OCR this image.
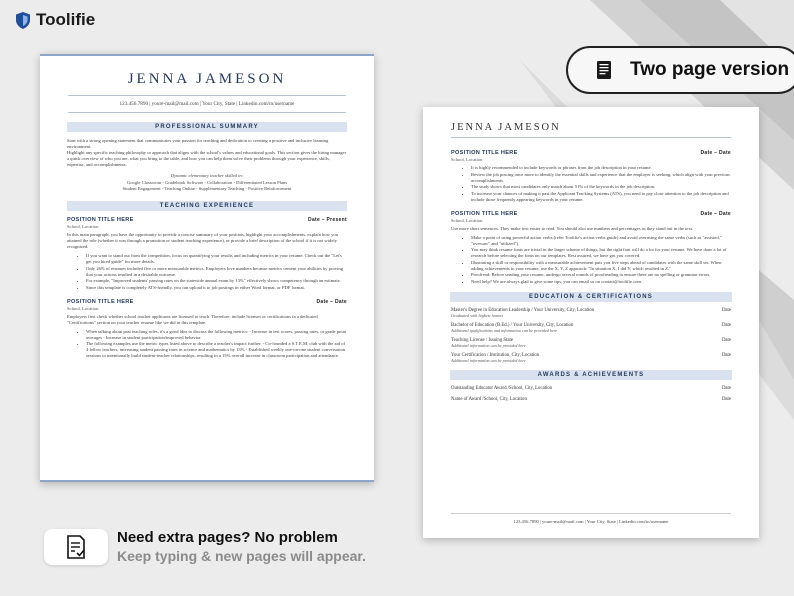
Toolifie
Two page version
JENNA JAMESON
123.456.7890 | youre-mail@mail.com | Your City, State | Linkedin.com/in/username
PROFESSIONAL SUMMARY
Start with a strong opening statement that communicates your passion for teaching and dedication to creating a positive and inclusive learning environment.
Highlight any specific teaching philosophy or approach that aligns with the school's values and educational goals. This section gives the hiring manager a quick overview of who you are, what you bring to the table, and how you can help them solve their problems through your experience, skills, expertise, and accomplishments.
Dynamic elementary teacher skilled in:
Google Classroom - Gradebook Software - Collaboration - Differentiated Lesson Plans
Student Engagement - Teaching Online - Supplementary Teaching - Positive Reinforcement
TEACHING EXPERIENCE
POSITION TITLE HERE	Date – Present
School, Location
In this main paragraph, you have the opportunity to provide a concise summary of your position, highlight your accomplishments, explain how you attained the role (whether it was through a promotion or student teaching experience), or provide a brief description of the school if it is not widely recognized.
• If you want to stand out from the competition, focus on quantifying your results and including metrics in your resume. Check out the "Let's get you hired guide" for more details.
• Only 26% of resumes included five or more measurable metrics. Employers love numbers because metrics cement your abilities by proving that your actions resulted in a desirable outcome.
• For example, "Improved students' passing rates on the statewide annual exam by 13%" effectively shows competency through an estimate.
• Since this template is completely ATS-friendly, you can upload it to job postings in either Word format, or PDF format.
POSITION TITLE HERE	Date – Date
School, Location
Employers first check whether school teacher applicants are licensed to teach. Therefore, include licenses or certifications in a dedicated "Certifications" section on your teacher resume like we did in this template.
• When talking about past teaching roles, it's a good idea to discuss the following metrics: - Increase in test scores, passing rates, or grade point averages - Increase in student participation/improved behavior
• The following examples use the metric types listed above to describe a teacher's impact further: - Co-founded a S.T.E.M. club with the aid of 4 fellow teachers, increasing student passing rates in science and mathematics by 13% - Established weekly one-on-one student conversation sessions to intentionally build student-teacher relationships, resulting in a 15% overall increase in classroom participation and attendance.
JENNA JAMESON
POSITION TITLE HERE	Date – Date
School, Location
• It is highly recommended to include keywords or phrases from the job description in your resume.
• Review the job posting once more to identify the essential skills and experience that the employer is seeking, which align with your previous accomplishments.
• The study shows that most candidates only match about 51% of the keywords in the job description.
• To increase your chances of making it past the Applicant Tracking Systems (ATS), you need to pay close attention to the job description and include those frequently appearing keywords in your resume.
POSITION TITLE HERE	Date – Date
School, Location
Use more short sentences. They make text easier to read. You should also use numbers and percentages as they stand out in the text.
• Make a point of using powerful action verbs (refer Toolifie's action verbs guide) and avoid overusing the same verbs (such as "assisted," "oversaw" and "utilized").
• You may think resume fonts are trivial in the larger scheme of things, but the right font will do a lot for your resume. We have done a lot of research before selecting the fonts on our templates. Rest assured, we have got you covered.
• Illustrating a skill or responsibility with a measurable achievement puts you five steps ahead of candidates with the same skill set. When adding achievements to your resume, use the X, Y, Z approach: "In situation X, I did Y, which resulted in Z."
• Proofread: Before sending your resume, undergo several rounds of proofreading to ensure there are no spelling or grammar errors.
• Need help? We are always glad to give some tips, you can email us on contact@toolifie.com.
EDUCATION & CERTIFICATIONS
Master's Degree in Education Leadership / Your University, City, Location	Date
Graduated with highest honors
Bachelor of Education (B.Ed.) / Your University, City, Location	Date
Additional qualifications and information can be provided here
Teaching License / Issuing State	Date
Additional information can be provided here
Your Certification / Institution, City, Location	Date
Additional information can be provided here
AWARDS & ACHIEVEMENTS
Outstanding Educator Award /School, City, Location	Date
Name of Award /School, City, Location	Date
123.456.7890 | youre-mail@mail.com | Your City, State | Linkedin.com/in/username
Need extra pages? No problem
Keep typing & new pages will appear.
